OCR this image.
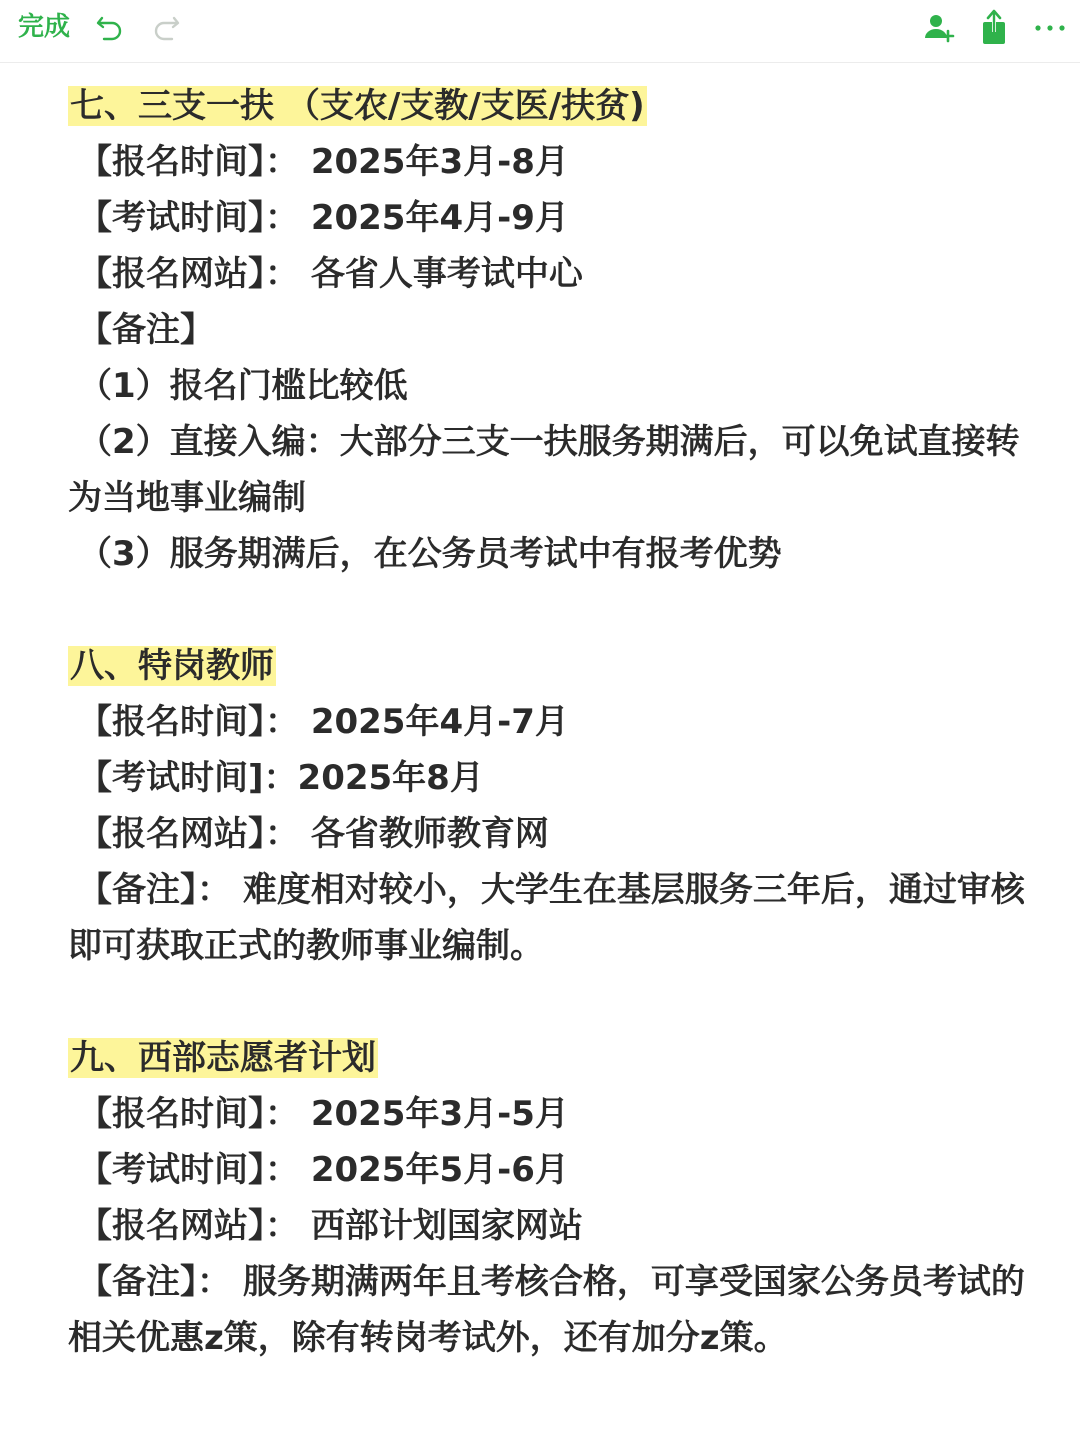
完成
七、三支一扶 （支农/支教/支医/扶贫)
【报名时间】： 2025年3月-8月
【考试时间】： 2025年4月-9月
【报名网站】： 各省人事考试中心
【备注】
（1）报名门槛比较低
（2）直接入编：大部分三支一扶服务期满后，可以免试直接转为当地事业编制
（3）服务期满后，在公务员考试中有报考优势
八、特岗教师
【报名时间】： 2025年4月-7月
【考试时间]：2025年8月
【报名网站】： 各省教师教育网
【备注】： 难度相对较小，大学生在基层服务三年后，通过审核即可获取正式的教师事业编制。
九、西部志愿者计划
【报名时间】： 2025年3月-5月
【考试时间】： 2025年5月-6月
【报名网站】： 西部计划国家网站
【备注】： 服务期满两年且考核合格，可享受国家公务员考试的相关优惠z策，除有转岗考试外，还有加分z策。
